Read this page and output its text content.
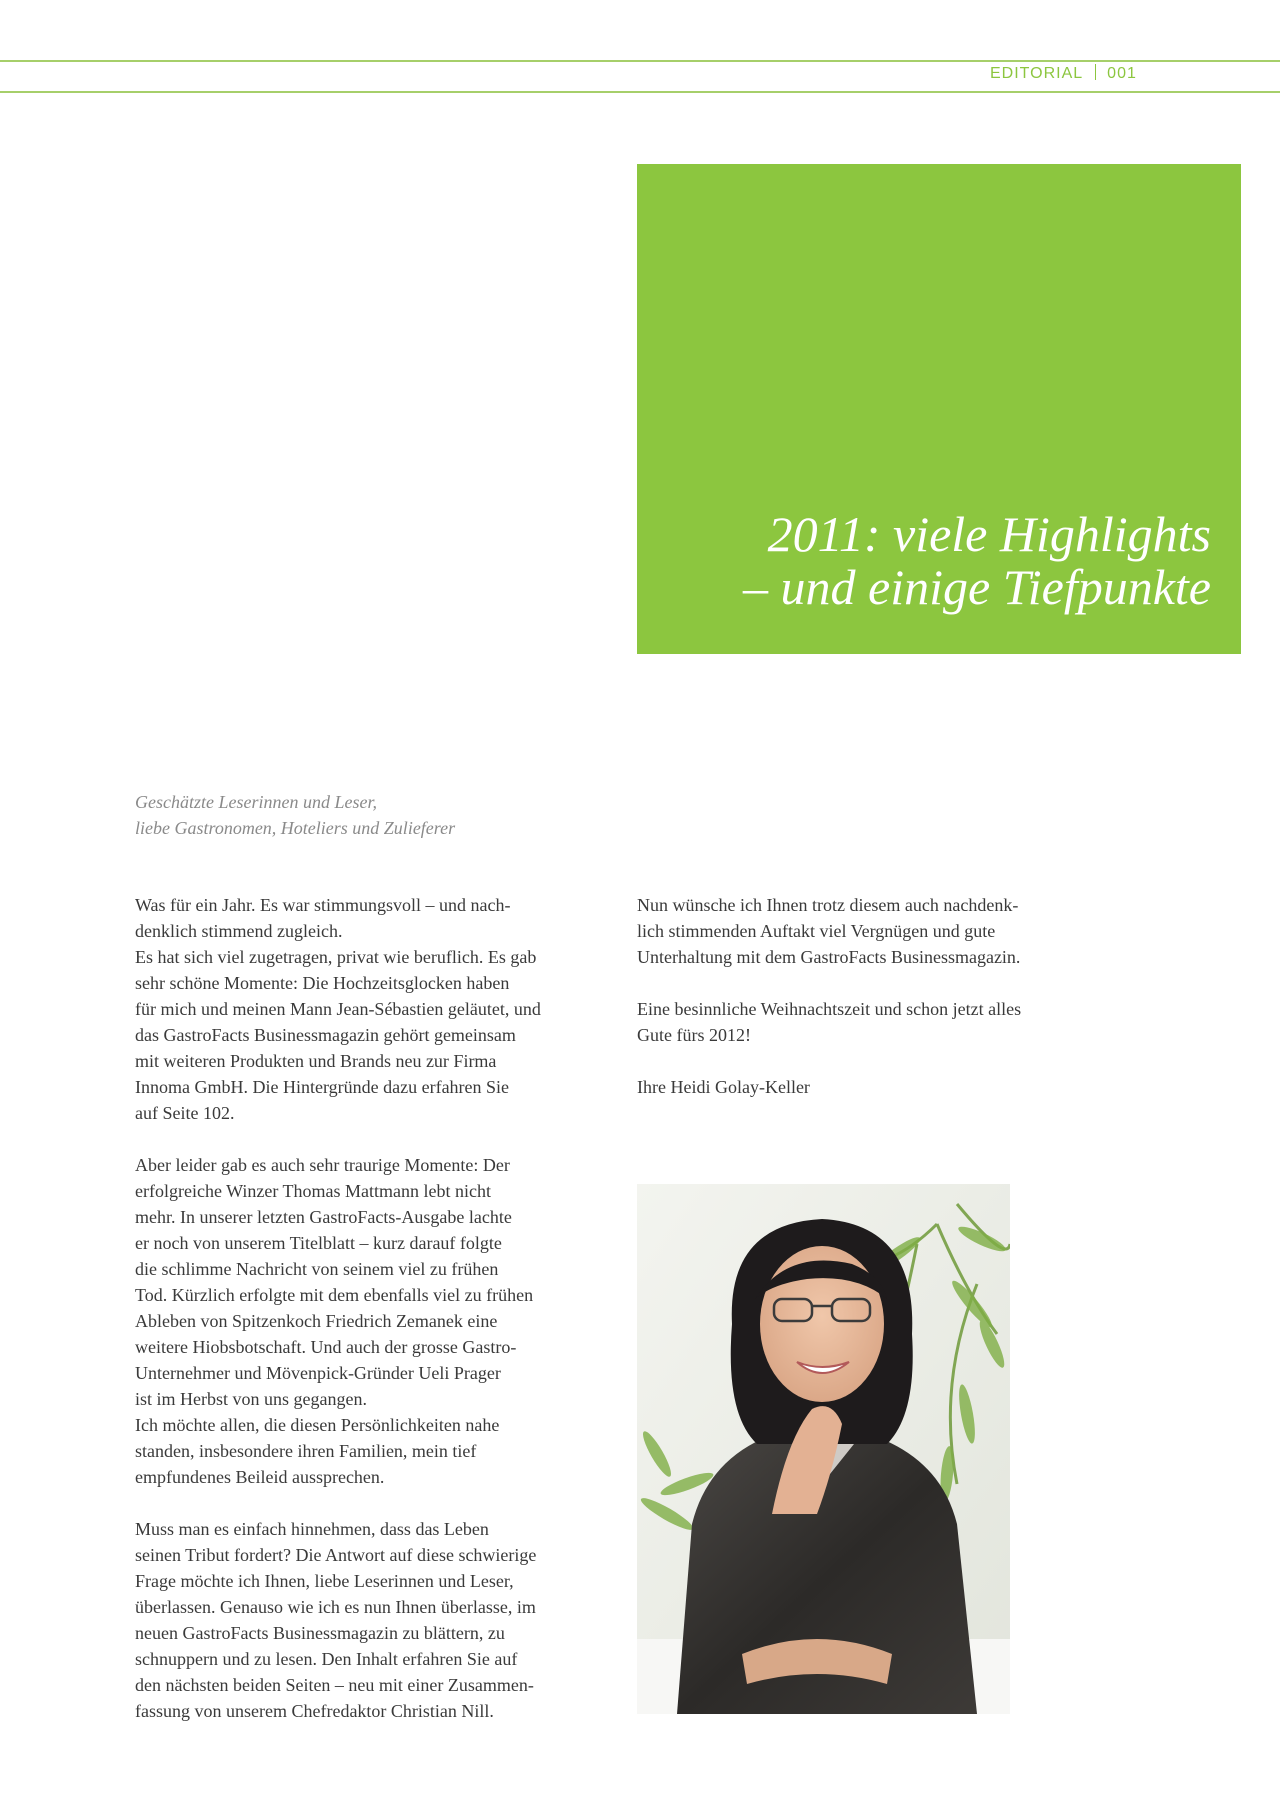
EDITORIAL 001
2011: viele Highlights
– und einige Tiefpunkte
Geschätzte Leserinnen und Leser,
liebe Gastronomen, Hoteliers und Zulieferer

Was für ein Jahr. Es war stimmungsvoll – und nach-
denklich stimmend zugleich.
Es hat sich viel zugetragen, privat wie beruflich. Es gab
sehr schöne Momente: Die Hochzeitsglocken haben
für mich und meinen Mann Jean-Sébastien geläutet, und
das GastroFacts Businessmagazin gehört gemeinsam
mit weiteren Produkten und Brands neu zur Firma
Innoma GmbH. Die Hintergründe dazu erfahren Sie
auf Seite 102.

Aber leider gab es auch sehr traurige Momente: Der
erfolgreiche Winzer Thomas Mattmann lebt nicht
mehr. In unserer letzten GastroFacts-Ausgabe lachte
er noch von unserem Titelblatt – kurz darauf folgte
die schlimme Nachricht von seinem viel zu frühen
Tod. Kürzlich erfolgte mit dem ebenfalls viel zu frühen
Ableben von Spitzenkoch Friedrich Zemanek eine
weitere Hiobsbotschaft. Und auch der grosse Gastro-
Unternehmer und Mövenpick-Gründer Ueli Prager
ist im Herbst von uns gegangen.
Ich möchte allen, die diesen Persönlichkeiten nahe
standen, insbesondere ihren Familien, mein tief
empfundenes Beileid aussprechen.

Muss man es einfach hinnehmen, dass das Leben
seinen Tribut fordert? Die Antwort auf diese schwierige
Frage möchte ich Ihnen, liebe Leserinnen und Leser,
überlassen. Genauso wie ich es nun Ihnen überlasse, im
neuen GastroFacts Businessmagazin zu blättern, zu
schnuppern und zu lesen. Den Inhalt erfahren Sie auf
den nächsten beiden Seiten – neu mit einer Zusammen-
fassung von unserem Chefredaktor Christian Nill.

Nun wünsche ich Ihnen trotz diesem auch nachdenk-
lich stimmenden Auftakt viel Vergnügen und gute
Unterhaltung mit dem GastroFacts Businessmagazin.

Eine besinnliche Weihnachtszeit und schon jetzt alles
Gute fürs 2012!

Ihre Heidi Golay-Keller
